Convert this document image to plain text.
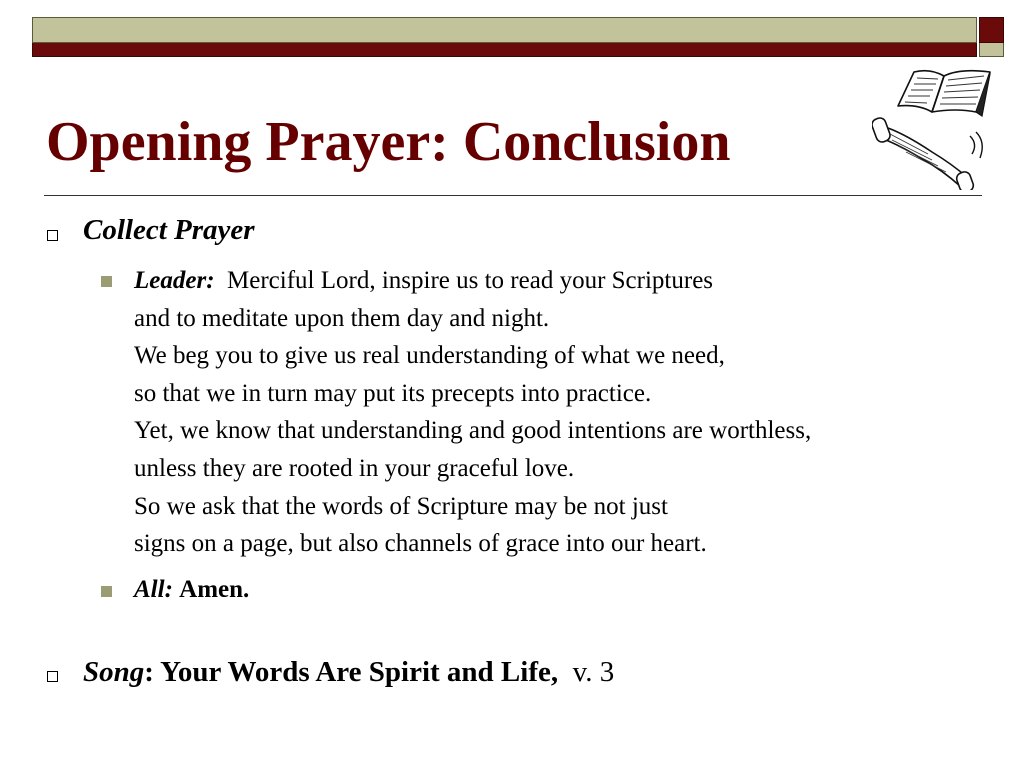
Opening Prayer: Conclusion
Collect Prayer
Leader: Merciful Lord, inspire us to read your Scriptures
and to meditate upon them day and night.
We beg you to give us real understanding of what we need,
so that we in turn may put its precepts into practice.
Yet, we know that understanding and good intentions are worthless,
unless they are rooted in your graceful love.
So we ask that the words of Scripture may be not just
signs on a page, but also channels of grace into our heart.
All: Amen.
Song: Your Words Are Spirit and Life, v. 3
